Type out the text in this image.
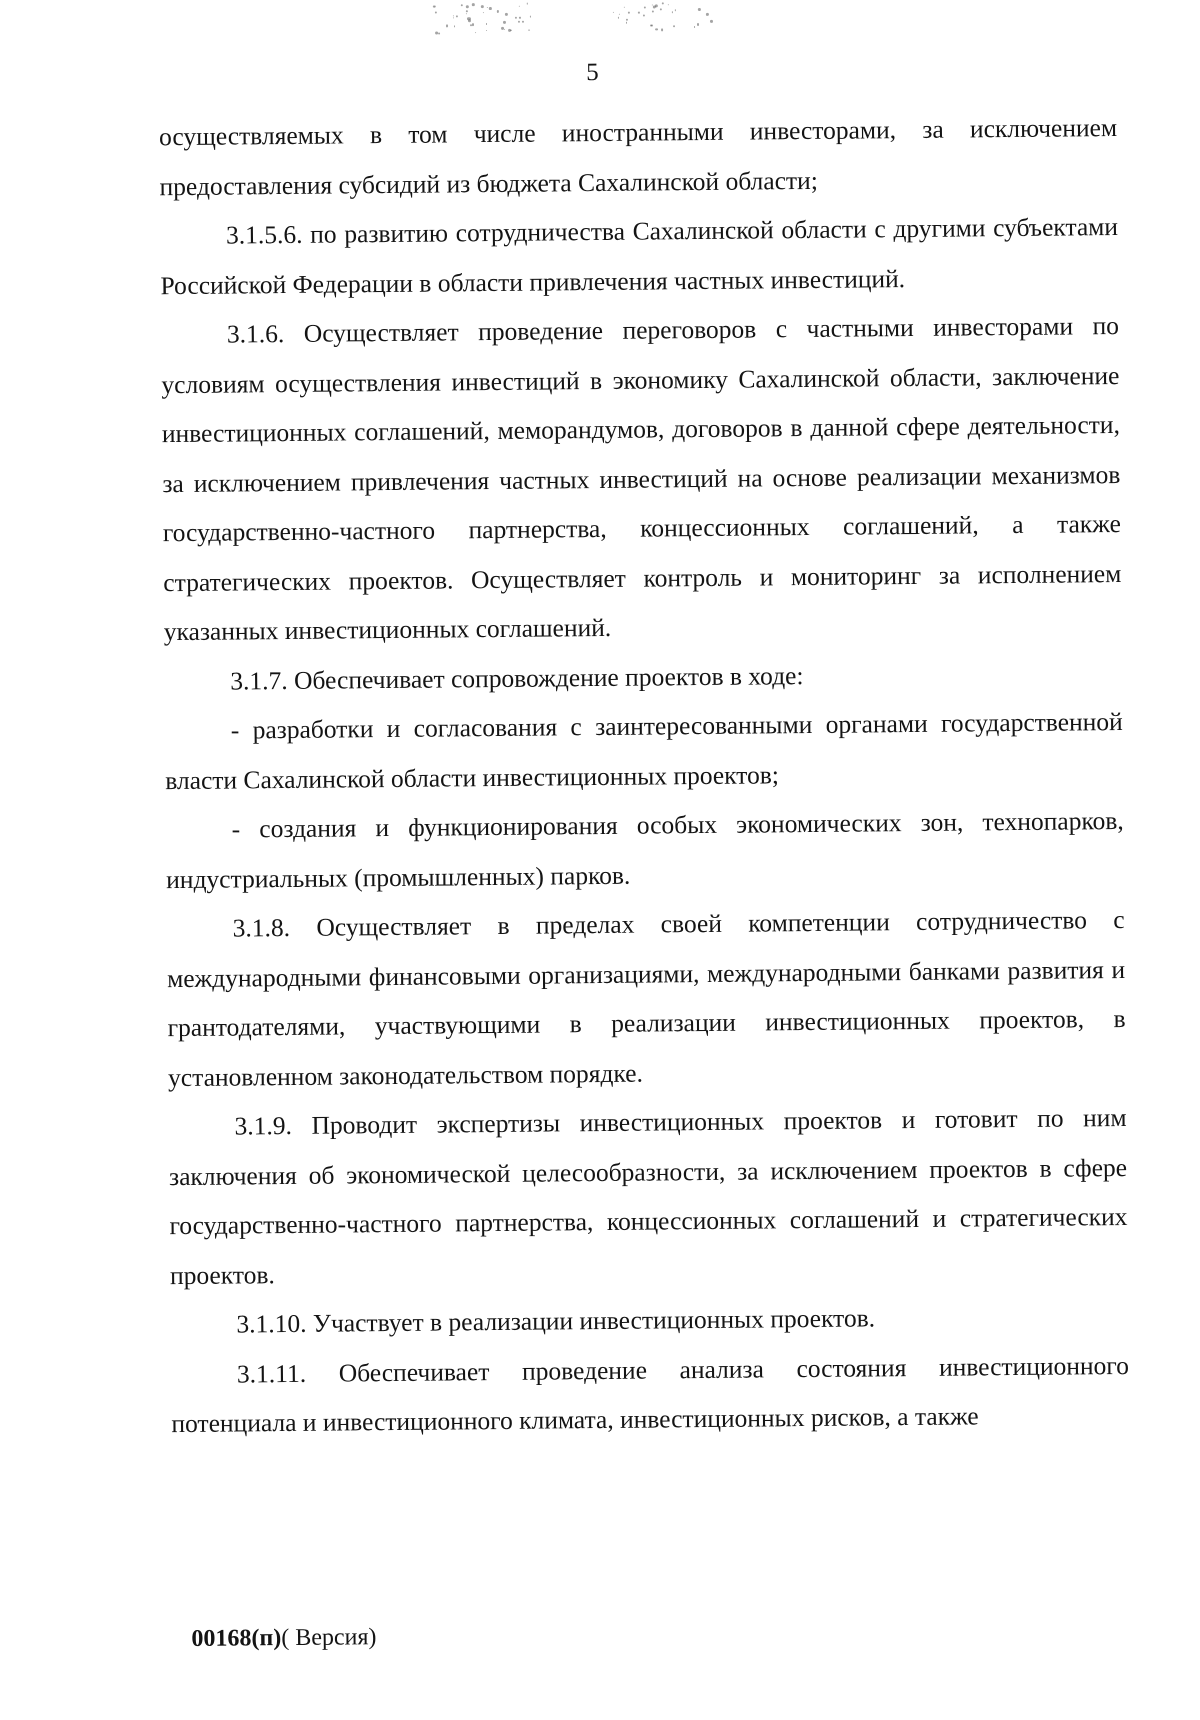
5

осуществляемых в том числе иностранными инвесторами, за исключением предоставления субсидий из бюджета Сахалинской области;

3.1.5.6. по развитию сотрудничества Сахалинской области с другими субъектами Российской Федерации в области привлечения частных инвестиций.

3.1.6. Осуществляет проведение переговоров с частными инвесторами по условиям осуществления инвестиций в экономику Сахалинской области, заключение инвестиционных соглашений, меморандумов, договоров в данной сфере деятельности, за исключением привлечения частных инвестиций на основе реализации механизмов государственно-частного партнерства, концессионных соглашений, а также стратегических проектов. Осуществляет контроль и мониторинг за исполнением указанных инвестиционных соглашений.

3.1.7. Обеспечивает сопровождение проектов в ходе:

- разработки и согласования с заинтересованными органами государственной власти Сахалинской области инвестиционных проектов;

- создания и функционирования особых экономических зон, технопарков, индустриальных (промышленных) парков.

3.1.8. Осуществляет в пределах своей компетенции сотрудничество с международными финансовыми организациями, международными банками развития и грантодателями, участвующими в реализации инвестиционных проектов, в установленном законодательством порядке.

3.1.9. Проводит экспертизы инвестиционных проектов и готовит по ним заключения об экономической целесообразности, за исключением проектов в сфере государственно-частного партнерства, концессионных соглашений и стратегических проектов.

3.1.10. Участвует в реализации инвестиционных проектов.

3.1.11. Обеспечивает проведение анализа состояния инвестиционного потенциала и инвестиционного климата, инвестиционных рисков, а также

00168(п)( Версия)
